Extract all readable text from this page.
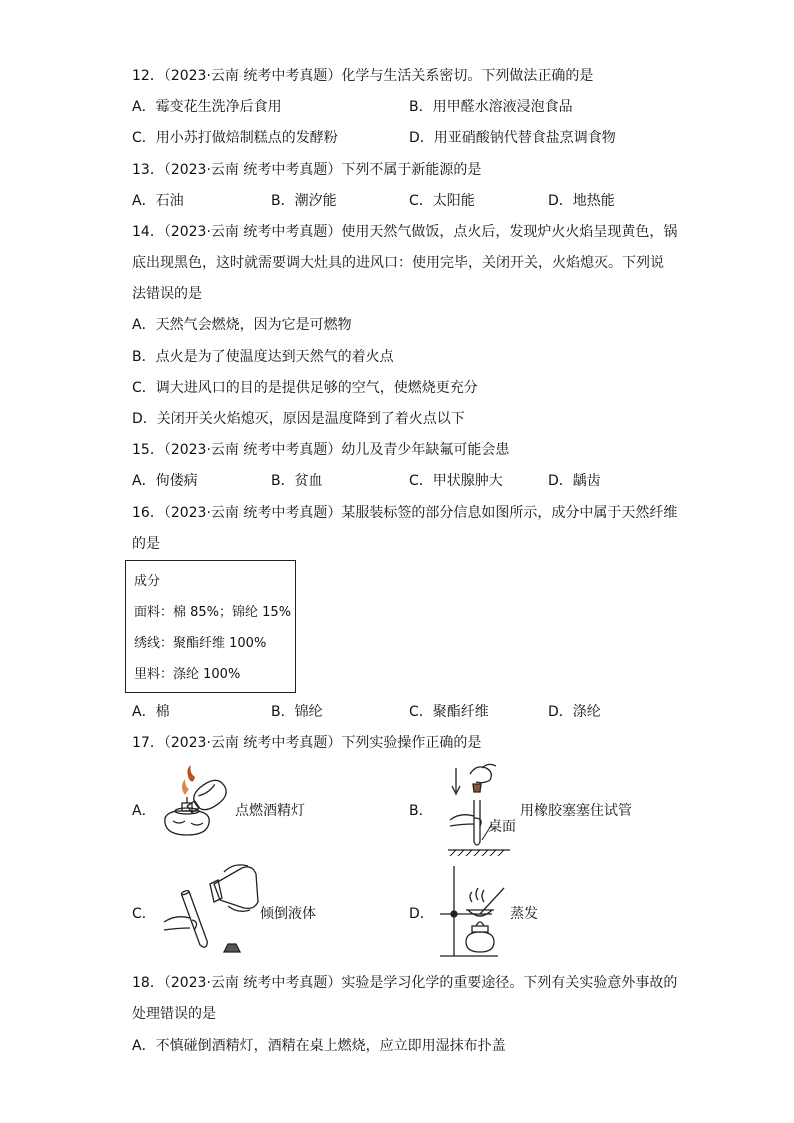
12．（2023·云南 统考中考真题）化学与生活关系密切。下列做法正确的是
A．霉变花生洗净后食用	B．用甲醛水溶液浸泡食品
C．用小苏打做焙制糕点的发酵粉	D．用亚硝酸钠代替食盐烹调食物
13．（2023·云南 统考中考真题）下列不属于新能源的是
A．石油	B．潮汐能	C．太阳能	D．地热能
14．（2023·云南 统考中考真题）使用天然气做饭，点火后，发现炉火火焰呈现黄色，锅
底出现黑色，这时就需要调大灶具的进风口：使用完毕，关闭开关，火焰熄灭。下列说
法错误的是
A．天然气会燃烧，因为它是可燃物
B．点火是为了使温度达到天然气的着火点
C．调大进风口的目的是提供足够的空气，使燃烧更充分
D．关闭开关火焰熄灭，原因是温度降到了着火点以下
15．（2023·云南 统考中考真题）幼儿及青少年缺氟可能会患
A．佝偻病	B．贫血	C．甲状腺肿大	D．龋齿
16．（2023·云南 统考中考真题）某服装标签的部分信息如图所示，成分中属于天然纤维
的是
成分
面料：棉 85%；锦纶 15%
绣线：聚酯纤维 100%
里料：涤纶 100%
A．棉	B．锦纶	C．聚酯纤维	D．涤纶
17．（2023·云南 统考中考真题）下列实验操作正确的是
A．	点燃酒精灯	B．	用橡胶塞塞住试管
桌面
C．	倾倒液体	D．	蒸发
18．（2023·云南 统考中考真题）实验是学习化学的重要途径。下列有关实验意外事故的
处理错误的是
A．不慎碰倒酒精灯，酒精在桌上燃烧，应立即用湿抹布扑盖
